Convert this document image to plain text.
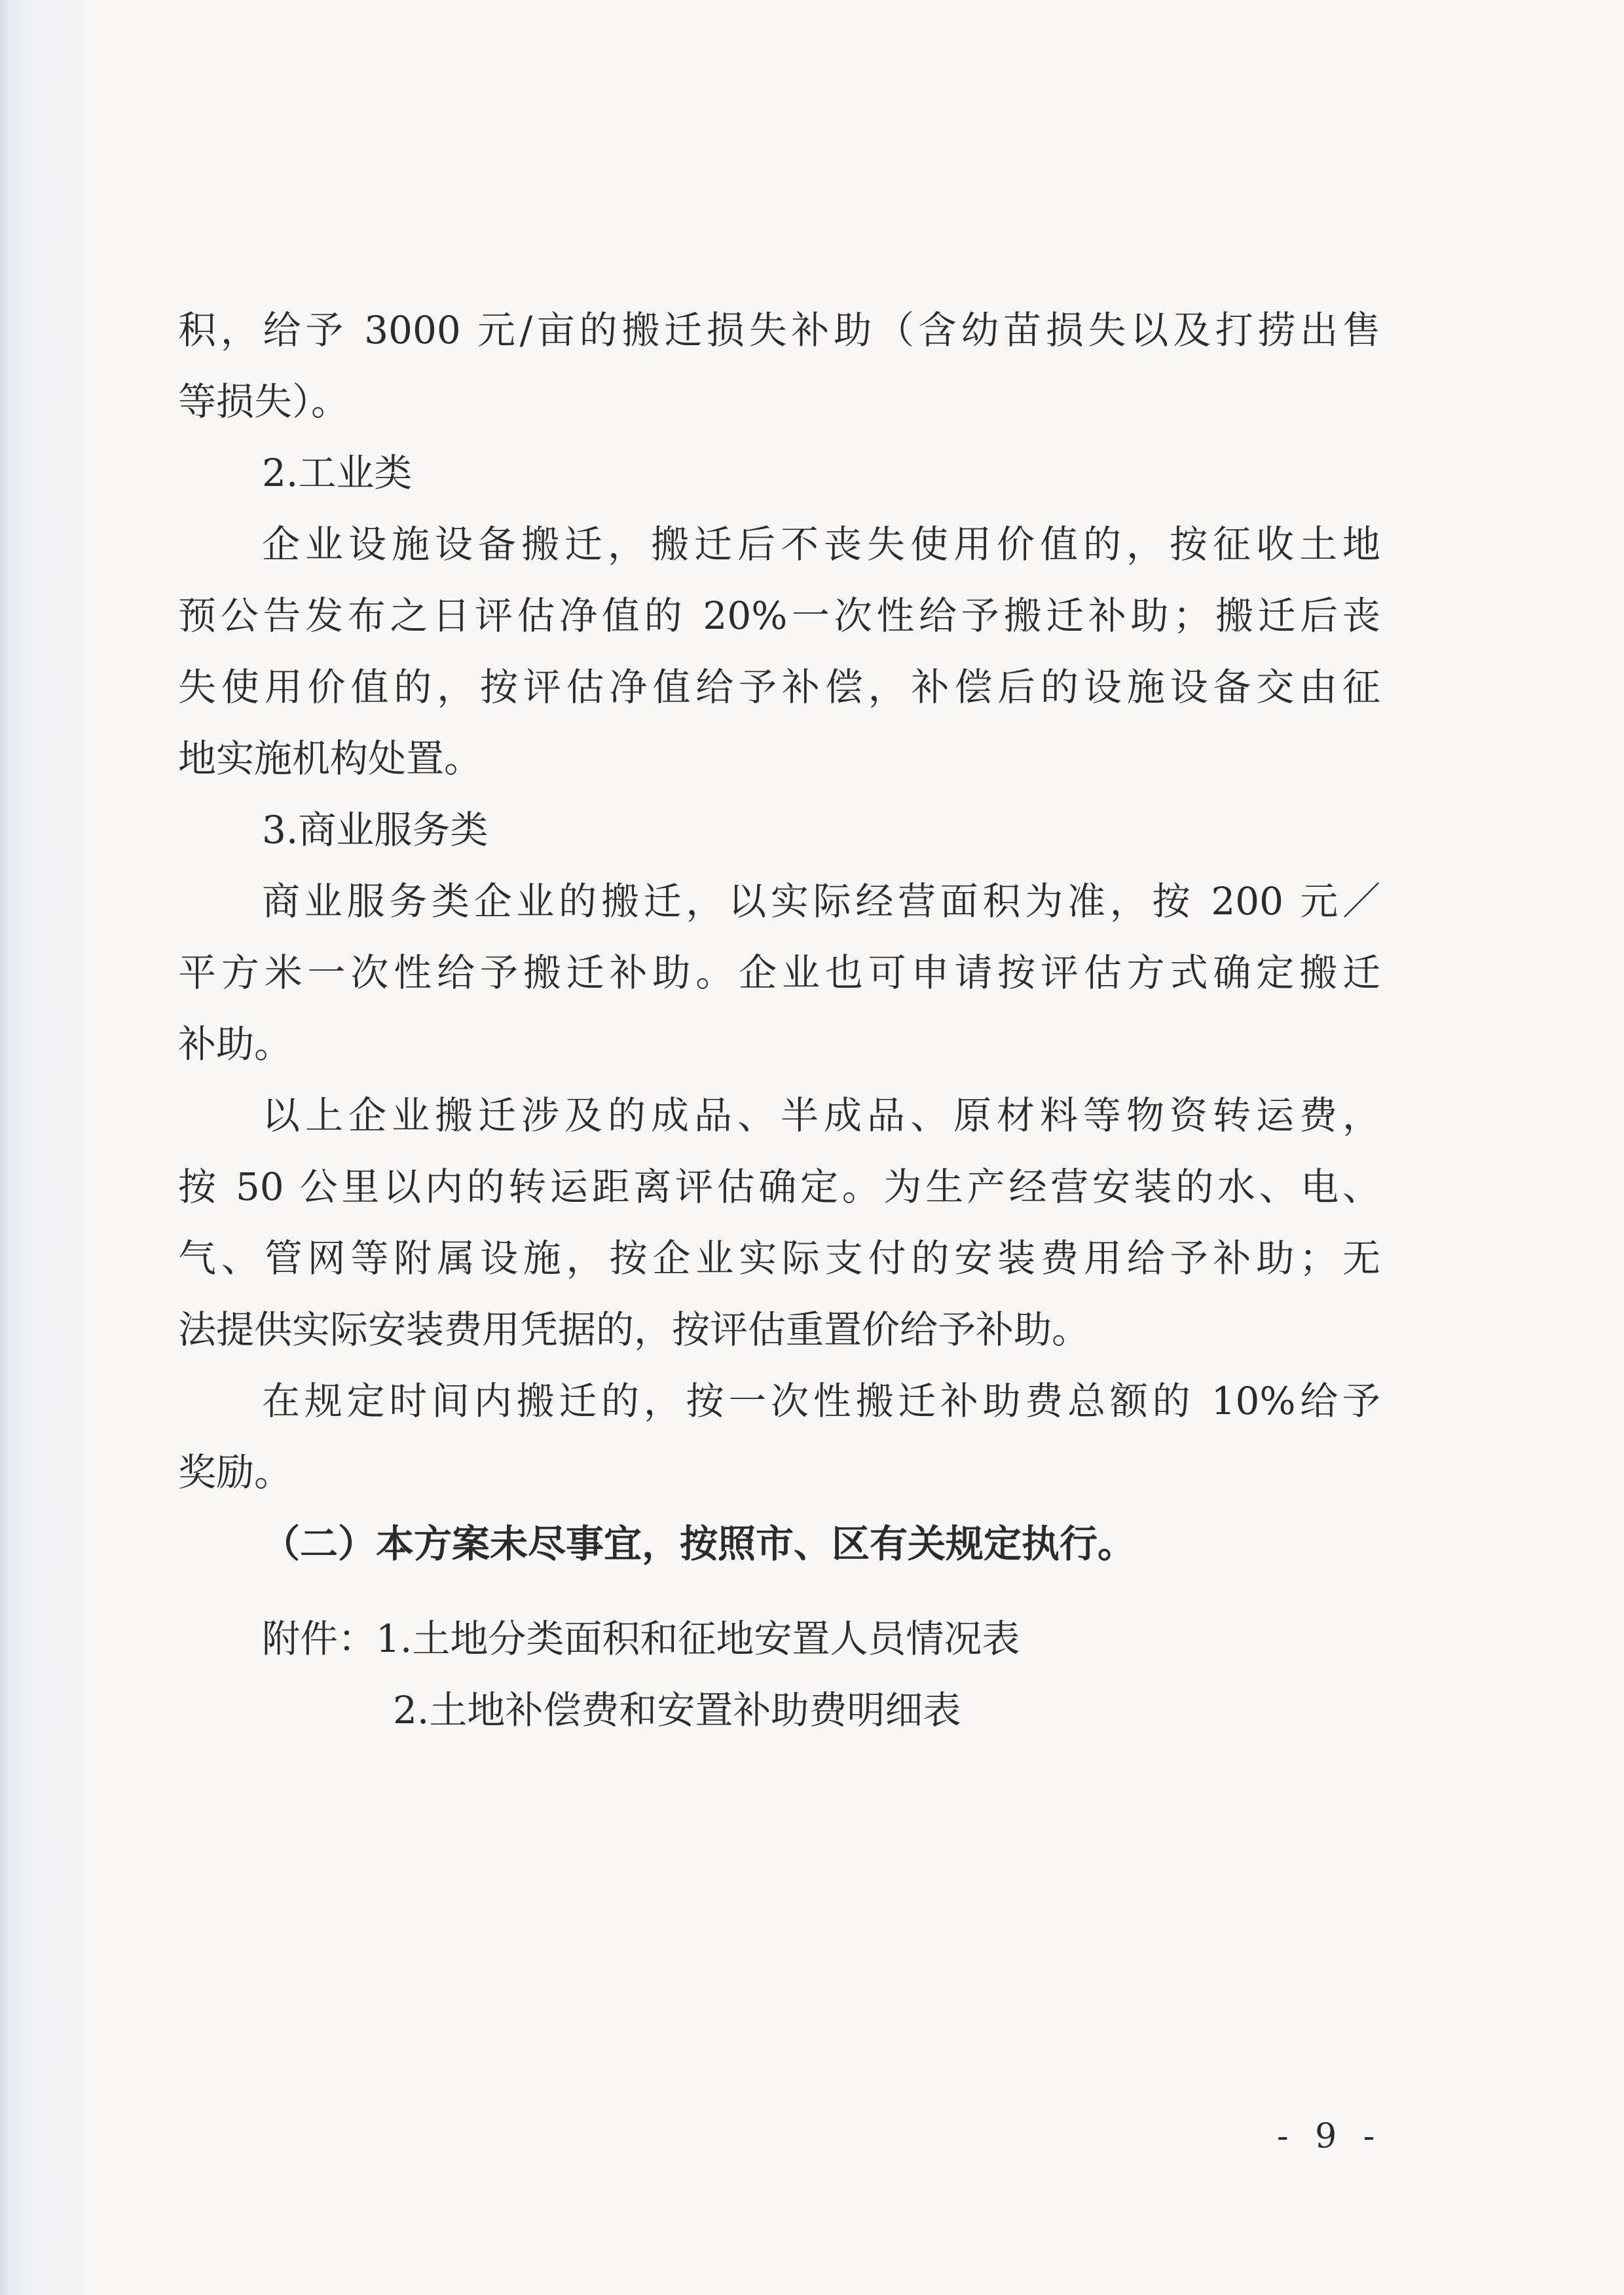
积，给予 3000 元/亩的搬迁损失补助（含幼苗损失以及打捞出售
等损失）。
2.工业类
企业设施设备搬迁，搬迁后不丧失使用价值的，按征收土地
预公告发布之日评估净值的 20%一次性给予搬迁补助；搬迁后丧
失使用价值的，按评估净值给予补偿，补偿后的设施设备交由征
地实施机构处置。
3.商业服务类
商业服务类企业的搬迁，以实际经营面积为准，按 200 元／
平方米一次性给予搬迁补助。企业也可申请按评估方式确定搬迁
补助。
以上企业搬迁涉及的成品、半成品、原材料等物资转运费，
按 50 公里以内的转运距离评估确定。为生产经营安装的水、电、
气、管网等附属设施，按企业实际支付的安装费用给予补助；无
法提供实际安装费用凭据的，按评估重置价给予补助。
在规定时间内搬迁的，按一次性搬迁补助费总额的 10%给予
奖励。
（二）本方案未尽事宜，按照市、区有关规定执行。
附件：1.土地分类面积和征地安置人员情况表
2.土地补偿费和安置补助费明细表
- 9 -
